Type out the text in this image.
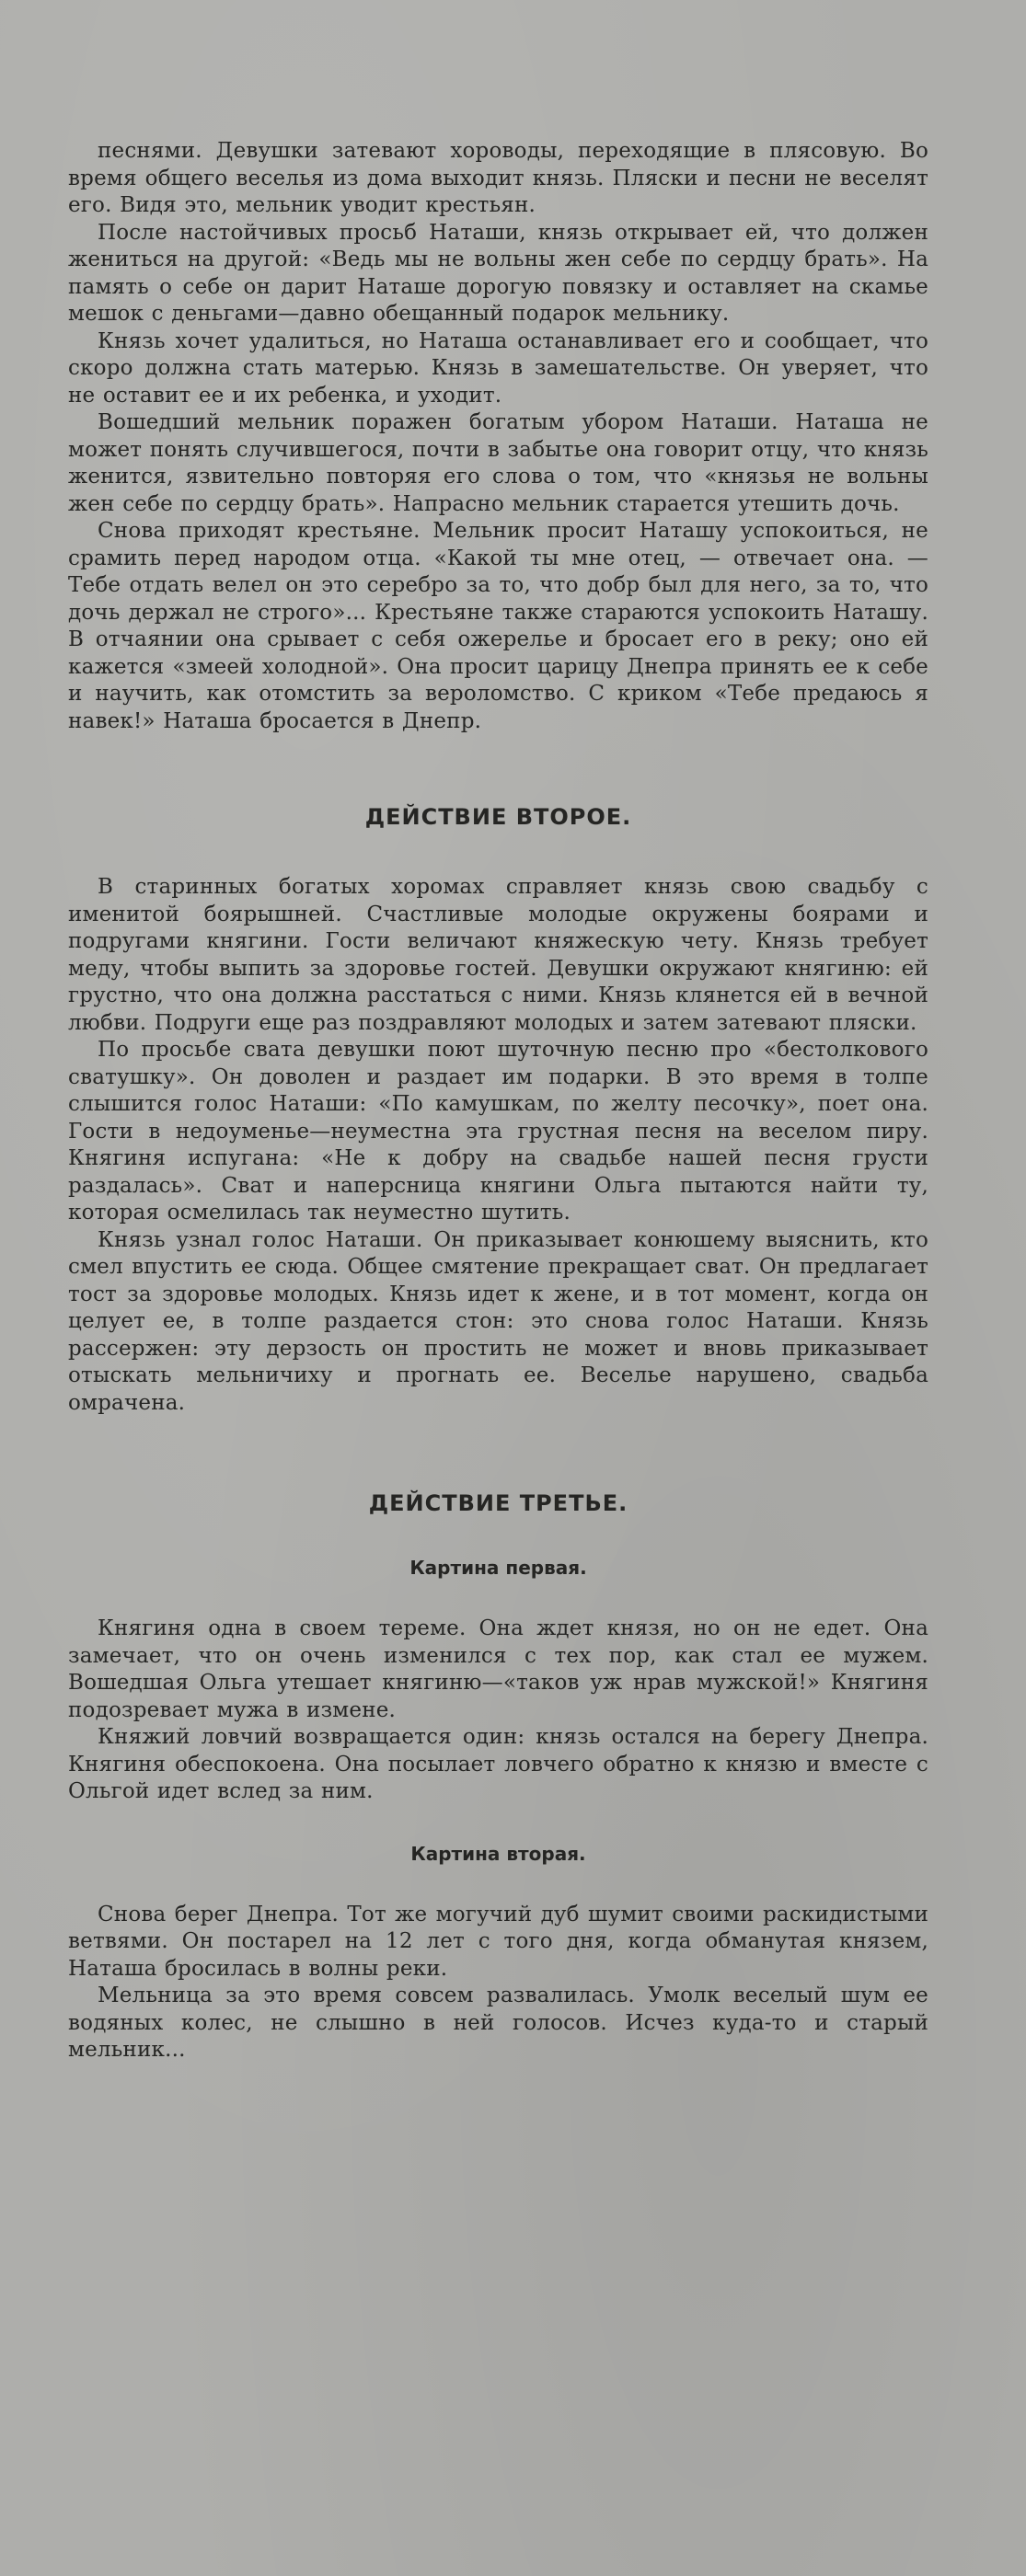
песнями. Девушки затевают хороводы, переходящие в пляcовую. Во время общего веселья из дома выходит князь. Пляски и песни не веселят его. Видя это, мельник уводит крестьян.

После настойчивых просьб Наташи, князь открывает ей, что должен жениться на другой: «Ведь мы не вольны жен себе по сердцу брать». На память о себе он дарит Наташе дорогую повязку и оставляет на скамье мешок с деньгами—давно обещанный подарок мельнику.

Князь хочет удалиться, но Наташа останавливает его и сообщает, что скоро должна стать матерью. Князь в замешательстве. Он уверяет, что не оставит ее и их ребенка, и уходит.

Вошедший мельник поражен богатым убором Наташи. Наташа не может понять случившегося, почти в забытье она говорит отцу, что князь женится, язвительно повторяя его слова о том, что «князья не вольны жен себе по сердцу брать». Напрасно мельник старается утешить дочь.

Снова приходят крестьяне. Мельник просит Наташу успокоиться, не срамить перед народом отца. «Какой ты мне отец, — отвечает она. — Тебе отдать велел он это серебро за то, что добр был для него, за то, что дочь держал не строго»... Крестьяне также стараются успокоить Наташу. В отчаянии она срывает с себя ожерелье и бросает его в реку; оно ей кажется «змеей холодной». Она просит царицу Днепра принять ее к себе и научить, как отомстить за вероломство. С криком «Тебе предаюсь я навек!» Наташа бросается в Днепр.

ДЕЙСТВИЕ ВТОРОЕ.

В старинных богатых хоромах справляет князь свою свадьбу с именитой боярышней. Счастливые молодые окружены боярами и подругами княгини. Гости величают княжескую чету. Князь требует меду, чтобы выпить за здоровье гостей. Девушки окружают княгиню: ей грустно, что она должна расстаться с ними. Князь клянется ей в вечной любви. Подруги еще раз поздравляют молодых и затем затевают пляски.

По просьбе свата девушки поют шуточную песню про «бестолкового сватушку». Он доволен и раздает им подарки. В это время в толпе слышится голос Наташи: «По камушкам, по желту песочку», поет она. Гости в недоуменье—неуместна эта грустная песня на веселом пиру. Княгиня испугана: «Не к добру на свадьбе нашей песня грусти раздалась». Сват и наперсница княгини Ольга пытаются найти ту, которая осмелилась так неуместно шутить.

Князь узнал голос Наташи. Он приказывает конюшему выяснить, кто смел впустить ее сюда. Общее смятение прекращает сват. Он предлагает тост за здоровье молодых. Князь идет к жене, и в тот момент, когда он целует ее, в толпе раздается стон: это снова голос Наташи. Князь рассержен: эту дерзость он простить не может и вновь приказывает отыскать мельничиху и прогнать ее. Веселье нарушено, свадьба омрачена.

ДЕЙСТВИЕ ТРЕТЬЕ.
Картина первая.

Княгиня одна в своем тереме. Она ждет князя, но он не едет. Она замечает, что он очень изменился с тех пор, как стал ее мужем. Вошедшая Ольга утешает княгиню—«таков уж нрав мужской!» Княгиня подозревает мужа в измене.

Княжий ловчий возвращается один: князь остался на берегу Днепра. Княгиня обеспокоена. Она посылает ловчего обратно к князю и вместе с Ольгой идет вслед за ним.

Картина вторая.

Снова берег Днепра. Тот же могучий дуб шумит своими раскидистыми ветвями. Он постарел на 12 лет с того дня, когда обманутая князем, Наташа бросилась в волны реки.

Мельница за это время совсем развалилась. Умолк веселый шум ее водяных колес, не слышно в ней голосов. Исчез куда-то и старый мельник...
